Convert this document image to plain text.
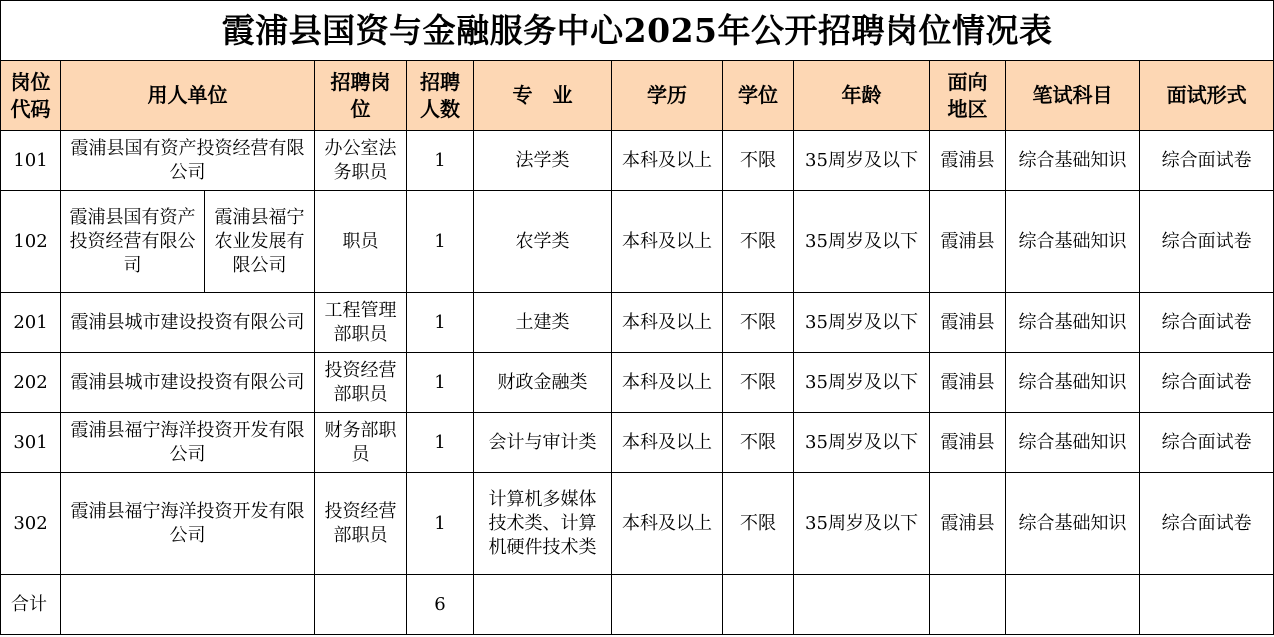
霞浦县国资与金融服务中心2025年公开招聘岗位情况表											
岗位代码	用人单位		招聘岗位	招聘人数	专　业	学历	学位	年龄	面向地区	笔试科目	面试形式
101	霞浦县国有资产投资经营有限公司		办公室法务职员	1	法学类	本科及以上	不限	35周岁及以下	霞浦县	综合基础知识	综合面试卷
102	霞浦县国有资产投资经营有限公司	霞浦县福宁农业发展有限公司	职员	1	农学类	本科及以上	不限	35周岁及以下	霞浦县	综合基础知识	综合面试卷
201	霞浦县城市建设投资有限公司		工程管理部职员	1	土建类	本科及以上	不限	35周岁及以下	霞浦县	综合基础知识	综合面试卷
202	霞浦县城市建设投资有限公司		投资经营部职员	1	财政金融类	本科及以上	不限	35周岁及以下	霞浦县	综合基础知识	综合面试卷
301	霞浦县福宁海洋投资开发有限公司		财务部职员	1	会计与审计类	本科及以上	不限	35周岁及以下	霞浦县	综合基础知识	综合面试卷
302	霞浦县福宁海洋投资开发有限公司		投资经营部职员	1	计算机多媒体技术类、计算机硬件技术类	本科及以上	不限	35周岁及以下	霞浦县	综合基础知识	综合面试卷
合计				6							
